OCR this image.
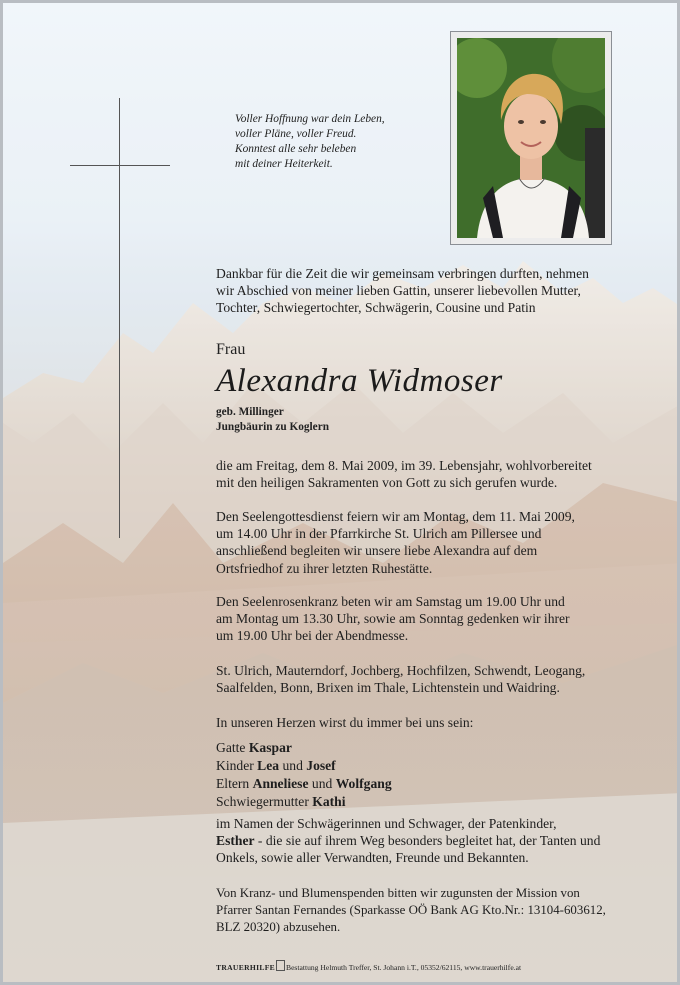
Voller Hoffnung war dein Leben,
voller Pläne, voller Freud.
Konntest alle sehr beleben
mit deiner Heiterkeit.
Dankbar für die Zeit die wir gemeinsam verbringen durften, nehmen
wir Abschied von meiner lieben Gattin, unserer liebevollen Mutter,
Tochter, Schwiegertochter, Schwägerin, Cousine und Patin
Frau
Alexandra Widmoser
geb. Millinger
Jungbäurin zu Koglern
die am Freitag, dem 8. Mai 2009, im 39. Lebensjahr, wohlvorbereitet
mit den heiligen Sakramenten von Gott zu sich gerufen wurde.
Den Seelengottesdienst feiern wir am Montag, dem 11. Mai 2009,
um 14.00 Uhr in der Pfarrkirche St. Ulrich am Pillersee und
anschließend begleiten wir unsere liebe Alexandra auf dem
Ortsfriedhof zu ihrer letzten Ruhestätte.
Den Seelenrosenkranz beten wir am Samstag um 19.00 Uhr und
am Montag um 13.30 Uhr, sowie am Sonntag gedenken wir ihrer
um 19.00 Uhr bei der Abendmesse.
St. Ulrich, Mauterndorf, Jochberg, Hochfilzen, Schwendt, Leogang,
Saalfelden, Bonn, Brixen im Thale, Lichtenstein und Waidring.
In unseren Herzen wirst du immer bei uns sein:
Gatte Kaspar
Kinder Lea und Josef
Eltern Anneliese und Wolfgang
Schwiegermutter Kathi
im Namen der Schwägerinnen und Schwager, der Patenkinder,
Esther - die sie auf ihrem Weg besonders begleitet hat, der Tanten und
Onkels, sowie aller Verwandten, Freunde und Bekannten.
Von Kranz- und Blumenspenden bitten wir zugunsten der Mission von
Pfarrer Santan Fernandes (Sparkasse OÖ Bank AG Kto.Nr.: 13104-603612,
BLZ 20320) abzusehen.
TRAUERHILFE Bestattung Helmuth Treffer, St. Johann i.T., 05352/62115, www.trauerhilfe.at
